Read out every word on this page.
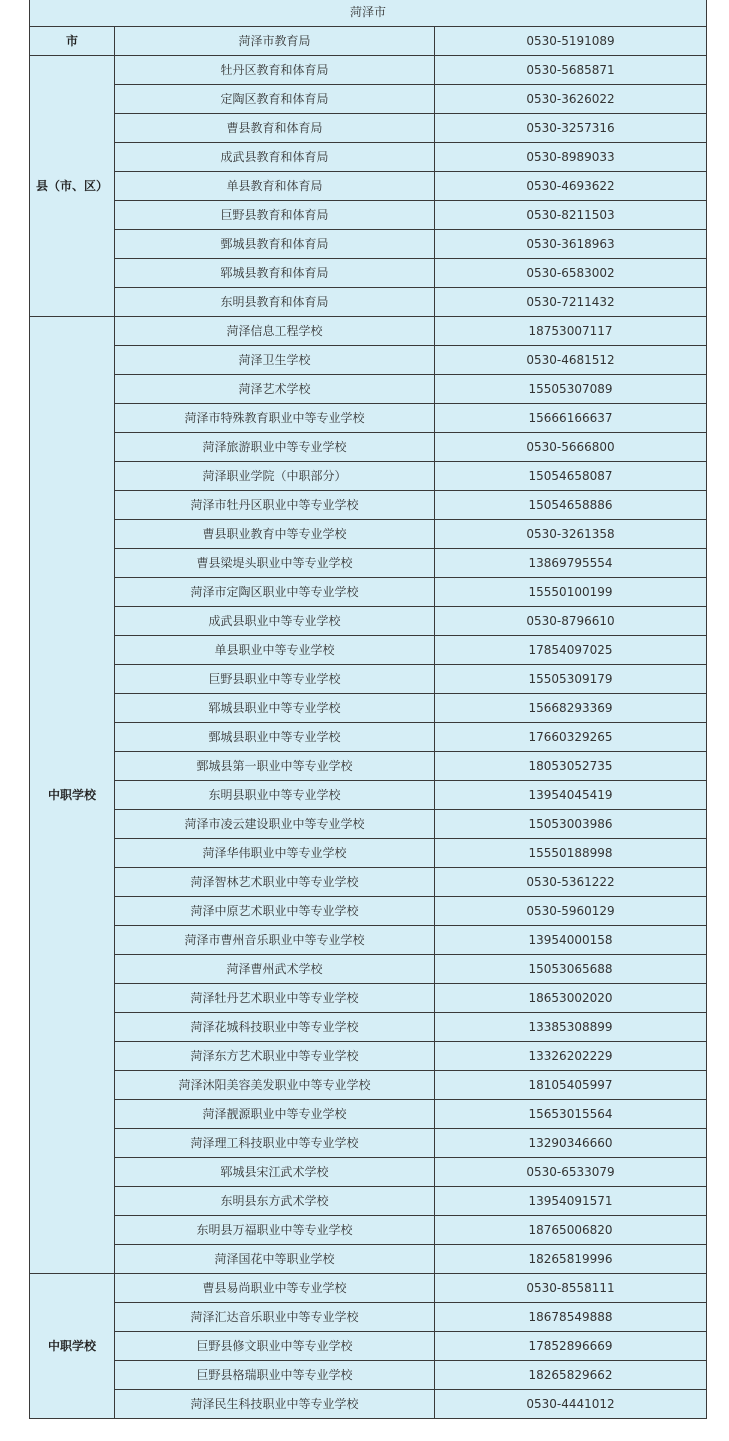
菏泽市		
市	菏泽市教育局	0530-5191089
县（市、区）	牡丹区教育和体育局	0530-5685871
	定陶区教育和体育局	0530-3626022
	曹县教育和体育局	0530-3257316
	成武县教育和体育局	0530-8989033
	单县教育和体育局	0530-4693622
	巨野县教育和体育局	0530-8211503
	鄄城县教育和体育局	0530-3618963
	郓城县教育和体育局	0530-6583002
	东明县教育和体育局	0530-7211432
中职学校	菏泽信息工程学校	18753007117
	菏泽卫生学校	0530-4681512
	菏泽艺术学校	15505307089
	菏泽市特殊教育职业中等专业学校	15666166637
	菏泽旅游职业中等专业学校	0530-5666800
	菏泽职业学院（中职部分）	15054658087
	菏泽市牡丹区职业中等专业学校	15054658886
	曹县职业教育中等专业学校	0530-3261358
	曹县梁堤头职业中等专业学校	13869795554
	菏泽市定陶区职业中等专业学校	15550100199
	成武县职业中等专业学校	0530-8796610
	单县职业中等专业学校	17854097025
	巨野县职业中等专业学校	15505309179
	郓城县职业中等专业学校	15668293369
	鄄城县职业中等专业学校	17660329265
	鄄城县第一职业中等专业学校	18053052735
	东明县职业中等专业学校	13954045419
	菏泽市凌云建设职业中等专业学校	15053003986
	菏泽华伟职业中等专业学校	15550188998
	菏泽智林艺术职业中等专业学校	0530-5361222
	菏泽中原艺术职业中等专业学校	0530-5960129
	菏泽市曹州音乐职业中等专业学校	13954000158
	菏泽曹州武术学校	15053065688
	菏泽牡丹艺术职业中等专业学校	18653002020
	菏泽花城科技职业中等专业学校	13385308899
	菏泽东方艺术职业中等专业学校	13326202229
	菏泽沐阳美容美发职业中等专业学校	18105405997
	菏泽靓源职业中等专业学校	15653015564
	菏泽理工科技职业中等专业学校	13290346660
	郓城县宋江武术学校	0530-6533079
	东明县东方武术学校	13954091571
	东明县万福职业中等专业学校	18765006820
	菏泽国花中等职业学校	18265819996
中职学校	曹县易尚职业中等专业学校	0530-8558111
	菏泽汇达音乐职业中等专业学校	18678549888
	巨野县修文职业中等专业学校	17852896669
	巨野县格瑞职业中等专业学校	18265829662
	菏泽民生科技职业中等专业学校	0530-4441012
